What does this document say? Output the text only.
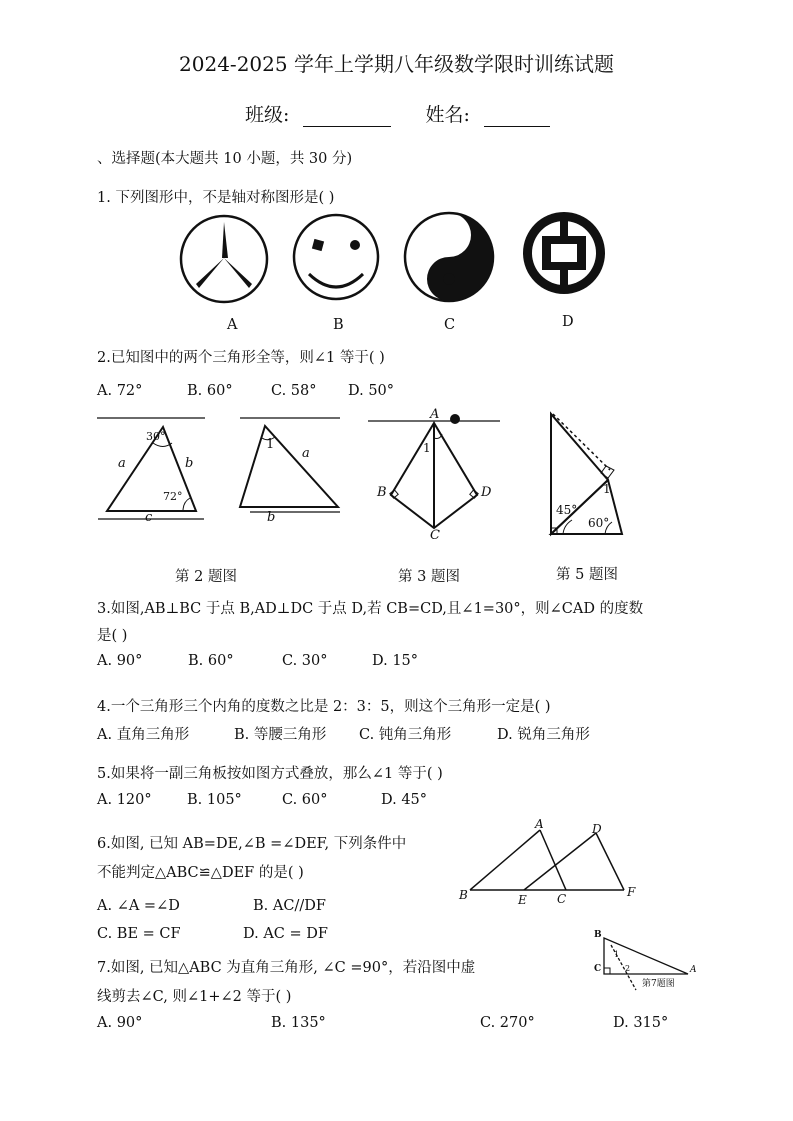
2024-2025 学年上学期八年级数学限时训练试题
班级:	姓名:
、选择题(本大题共 10 小题，共 30 分)
1. 下列图形中，不是轴对称图形是( )
A	B	C	D
2.已知图中的两个三角形全等，则∠1 等于( )
A. 72°	B. 60°	C. 58° D. 50°
30°
72°
a	b
c
1
a
b
A
B
C
D
1
45°
60°
1
第 2 题图	第 3 题图	第 5 题图
3.如图,AB⊥BC 于点 B,AD⊥DC 于点 D,若 CB=CD,且∠1=30°，则∠CAD 的度数
是( )
A. 90°	B. 60°	C. 30°	D. 15°
4.一个三角形三个内角的度数之比是 2：3：5，则这个三角形一定是( )
A. 直角三角形	B. 等腰三角形 C. 钝角三角形	D. 锐角三角形
5.如果将一副三角板按如图方式叠放，那么∠1 等于( )
A. 120° B. 105°	C. 60°	D. 45°
6.如图, 已知 AB=DE,∠B =∠DEF, 下列条件中
不能判定△ABC≌△DEF 的是( )
A. ∠A =∠D	B. AC//DF
C. BE = CF	D. AC = DF
A
B	C
D
E
F
7.如图, 已知△ABC 为直角三角形, ∠C =90°，若沿图中虚
线剪去∠C, 则∠1+∠2 等于( )
A. 90°	B. 135°	C. 270°	D. 315°
B
C	A
1
2
第7题图
